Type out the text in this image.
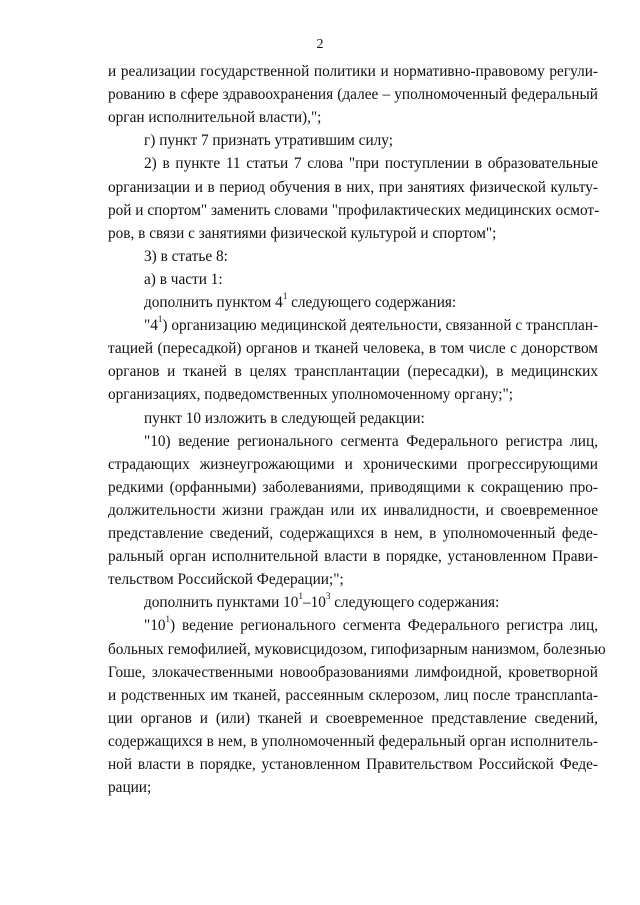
2
и реализации государственной политики и нормативно-правовому регули-
рованию в сфере здравоохранения (далее – уполномоченный федеральный
орган исполнительной власти),";
г) пункт 7 признать утратившим силу;
2) в пункте 11 статьи 7 слова "при поступлении в образовательные
организации и в период обучения в них, при занятиях физической культу-
рой и спортом" заменить словами "профилактических медицинских осмот-
ров, в связи с занятиями физической культурой и спортом";
3) в статье 8:
а) в части 1:
дополнить пунктом $4^1$ следующего содержания:
"$4^1$) организацию медицинской деятельности, связанной с трансплан-
тацией (пересадкой) органов и тканей человека, в том числе с донорством
органов и тканей в целях трансплантации (пересадки), в медицинских
организациях, подведомственных уполномоченному органу;";
пункт 10 изложить в следующей редакции:
"10) ведение регионального сегмента Федерального регистра лиц,
страдающих жизнеугрожающими и хроническими прогрессирующими
редкими (орфанными) заболеваниями, приводящими к сокращению про-
должительности жизни граждан или их инвалидности, и своевременное
представление сведений, содержащихся в нем, в уполномоченный феде-
ральный орган исполнительной власти в порядке, установленном Прави-
тельством Российской Федерации;";
дополнить пунктами $10^1-10^3$ следующего содержания:
"$10^1$) ведение регионального сегмента Федерального регистра лиц,
больных гемофилией, муковисцидозом, гипофизарным нанизмом, болезнью
Гоше, злокачественными новообразованиями лимфоидной, кроветворной
и родственных им тканей, рассеянным склерозом, лиц после трансплanta-
ции органов и (или) тканей и своевременное представление сведений,
содержащихся в нем, в уполномоченный федеральный орган исполнитель-
ной власти в порядке, установленном Правительством Российской Феде-
рации;
